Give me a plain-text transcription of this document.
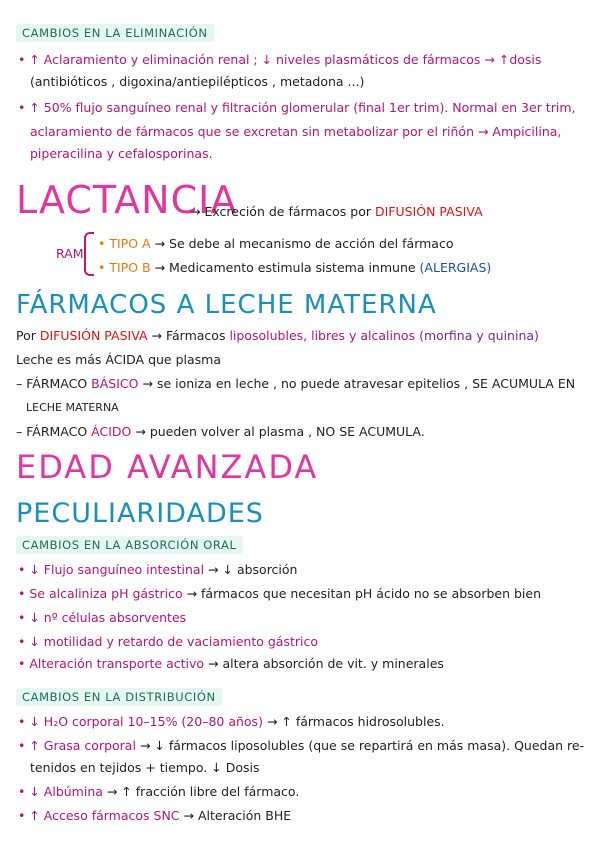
CAMBIOS EN LA ELIMINACIÓN
• ↑ Aclaramiento y eliminación renal ; ↓ niveles plasmáticos de fármacos → ↑dosis
(antibióticos , digoxina/antiepilépticos , metadona ...)
• ↑ 50% flujo sanguíneo renal y filtración glomerular (final 1er trim). Normal en 3er trim,
aclaramiento de fármacos que se excretan sin metabolizar por el riñón → Ampicilina,
piperacilina y cefalosporinas.
LACTANCIA
→ Excreción de fármacos por DIFUSIÓN PASIVA
RAM
• TIPO A → Se debe al mecanismo de acción del fármaco
• TIPO B → Medicamento estimula sistema inmune (ALERGIAS)
FÁRMACOS A LECHE MATERNA
Por DIFUSIÓN PASIVA → Fármacos liposolubles, libres y alcalinos (morfina y quinina)
Leche es más ÁCIDA que plasma
– FÁRMACO BÁSICO → se ioniza en leche , no puede atravesar epitelios , SE ACUMULA EN
LECHE MATERNA
– FÁRMACO ÁCIDO → pueden volver al plasma , NO SE ACUMULA.
EDAD AVANZADA
PECULIARIDADES
CAMBIOS EN LA ABSORCIÓN ORAL
• ↓ Flujo sanguíneo intestinal → ↓ absorción
• Se alcaliniza pH gástrico → fármacos que necesitan pH ácido no se absorben bien
• ↓ nº células absorventes
• ↓ motilidad y retardo de vaciamiento gástrico
• Alteración transporte activo → altera absorción de vit. y minerales
CAMBIOS EN LA DISTRIBUCIÓN
• ↓ H₂O corporal 10–15% (20–80 años) → ↑ fármacos hidrosolubles.
• ↑ Grasa corporal → ↓ fármacos liposolubles (que se repartirá en más masa). Quedan re-
tenidos en tejidos + tiempo. ↓ Dosis
• ↓ Albúmina → ↑ fracción libre del fármaco.
• ↑ Acceso fármacos SNC → Alteración BHE
